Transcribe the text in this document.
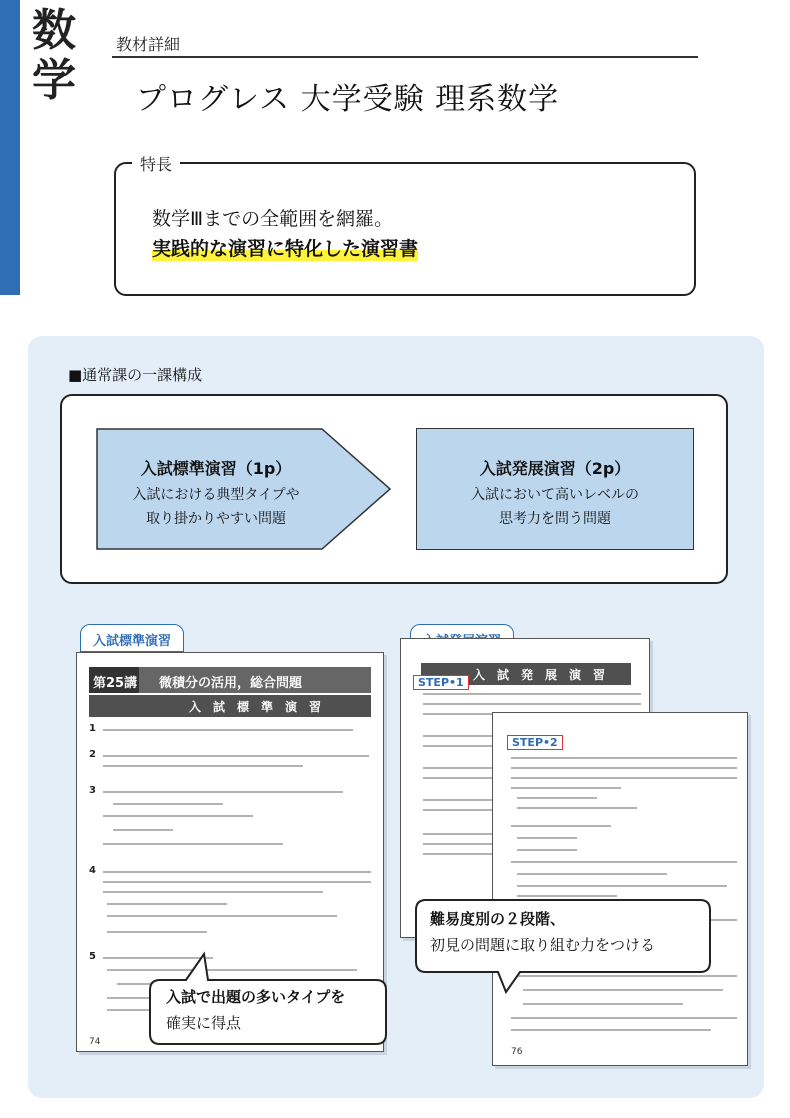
数学
教材詳細
プログレス 大学受験 理系数学
特長
数学Ⅲまでの全範囲を網羅。
実践的な演習に特化した演習書
■通常課の一課構成
入試標準演習（1p）
入試における典型タイプや
取り掛かりやすい問題
入試発展演習（2p）
入試において高いレベルの
思考力を問う問題
入試標準演習
第25講	微積分の活用，総合問題
入試標準演習
1
2
3
4
5
74
入試発展演習
STEP•1
STEP•2
76
入試で出題の多いタイプを
確実に得点
難易度別の２段階、
初見の問題に取り組む力をつける
